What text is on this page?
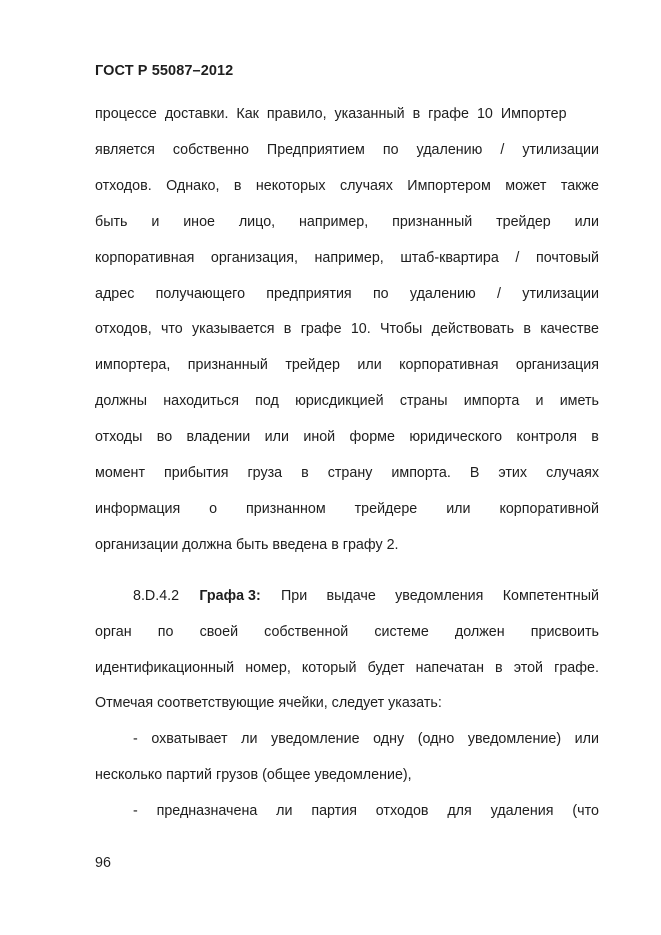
ГОСТ Р 55087–2012
процессе доставки. Как правило, указанный в графе 10 Импортер
является собственно Предприятием по удалению / утилизации
отходов. Однако, в некоторых случаях Импортером может также
быть и иное лицо, например, признанный трейдер или
корпоративная организация, например, штаб-квартира / почтовый
адрес получающего предприятия по удалению / утилизации
отходов, что указывается в графе 10. Чтобы действовать в качестве
импортера, признанный трейдер или корпоративная организация
должны находиться под юрисдикцией страны импорта и иметь
отходы во владении или иной форме юридического контроля в
момент прибытия груза в страну импорта. В этих случаях
информация о признанном трейдере или корпоративной
организации должна быть введена в графу 2.
8.D.4.2 Графа 3: При выдаче уведомления Компетентный
орган по своей собственной системе должен присвоить
идентификационный номер, который будет напечатан в этой графе.
Отмечая соответствующие ячейки, следует указать:
- охватывает ли уведомление одну (одно уведомление) или
несколько партий грузов (общее уведомление),
- предназначена ли партия отходов для удаления (что
96
